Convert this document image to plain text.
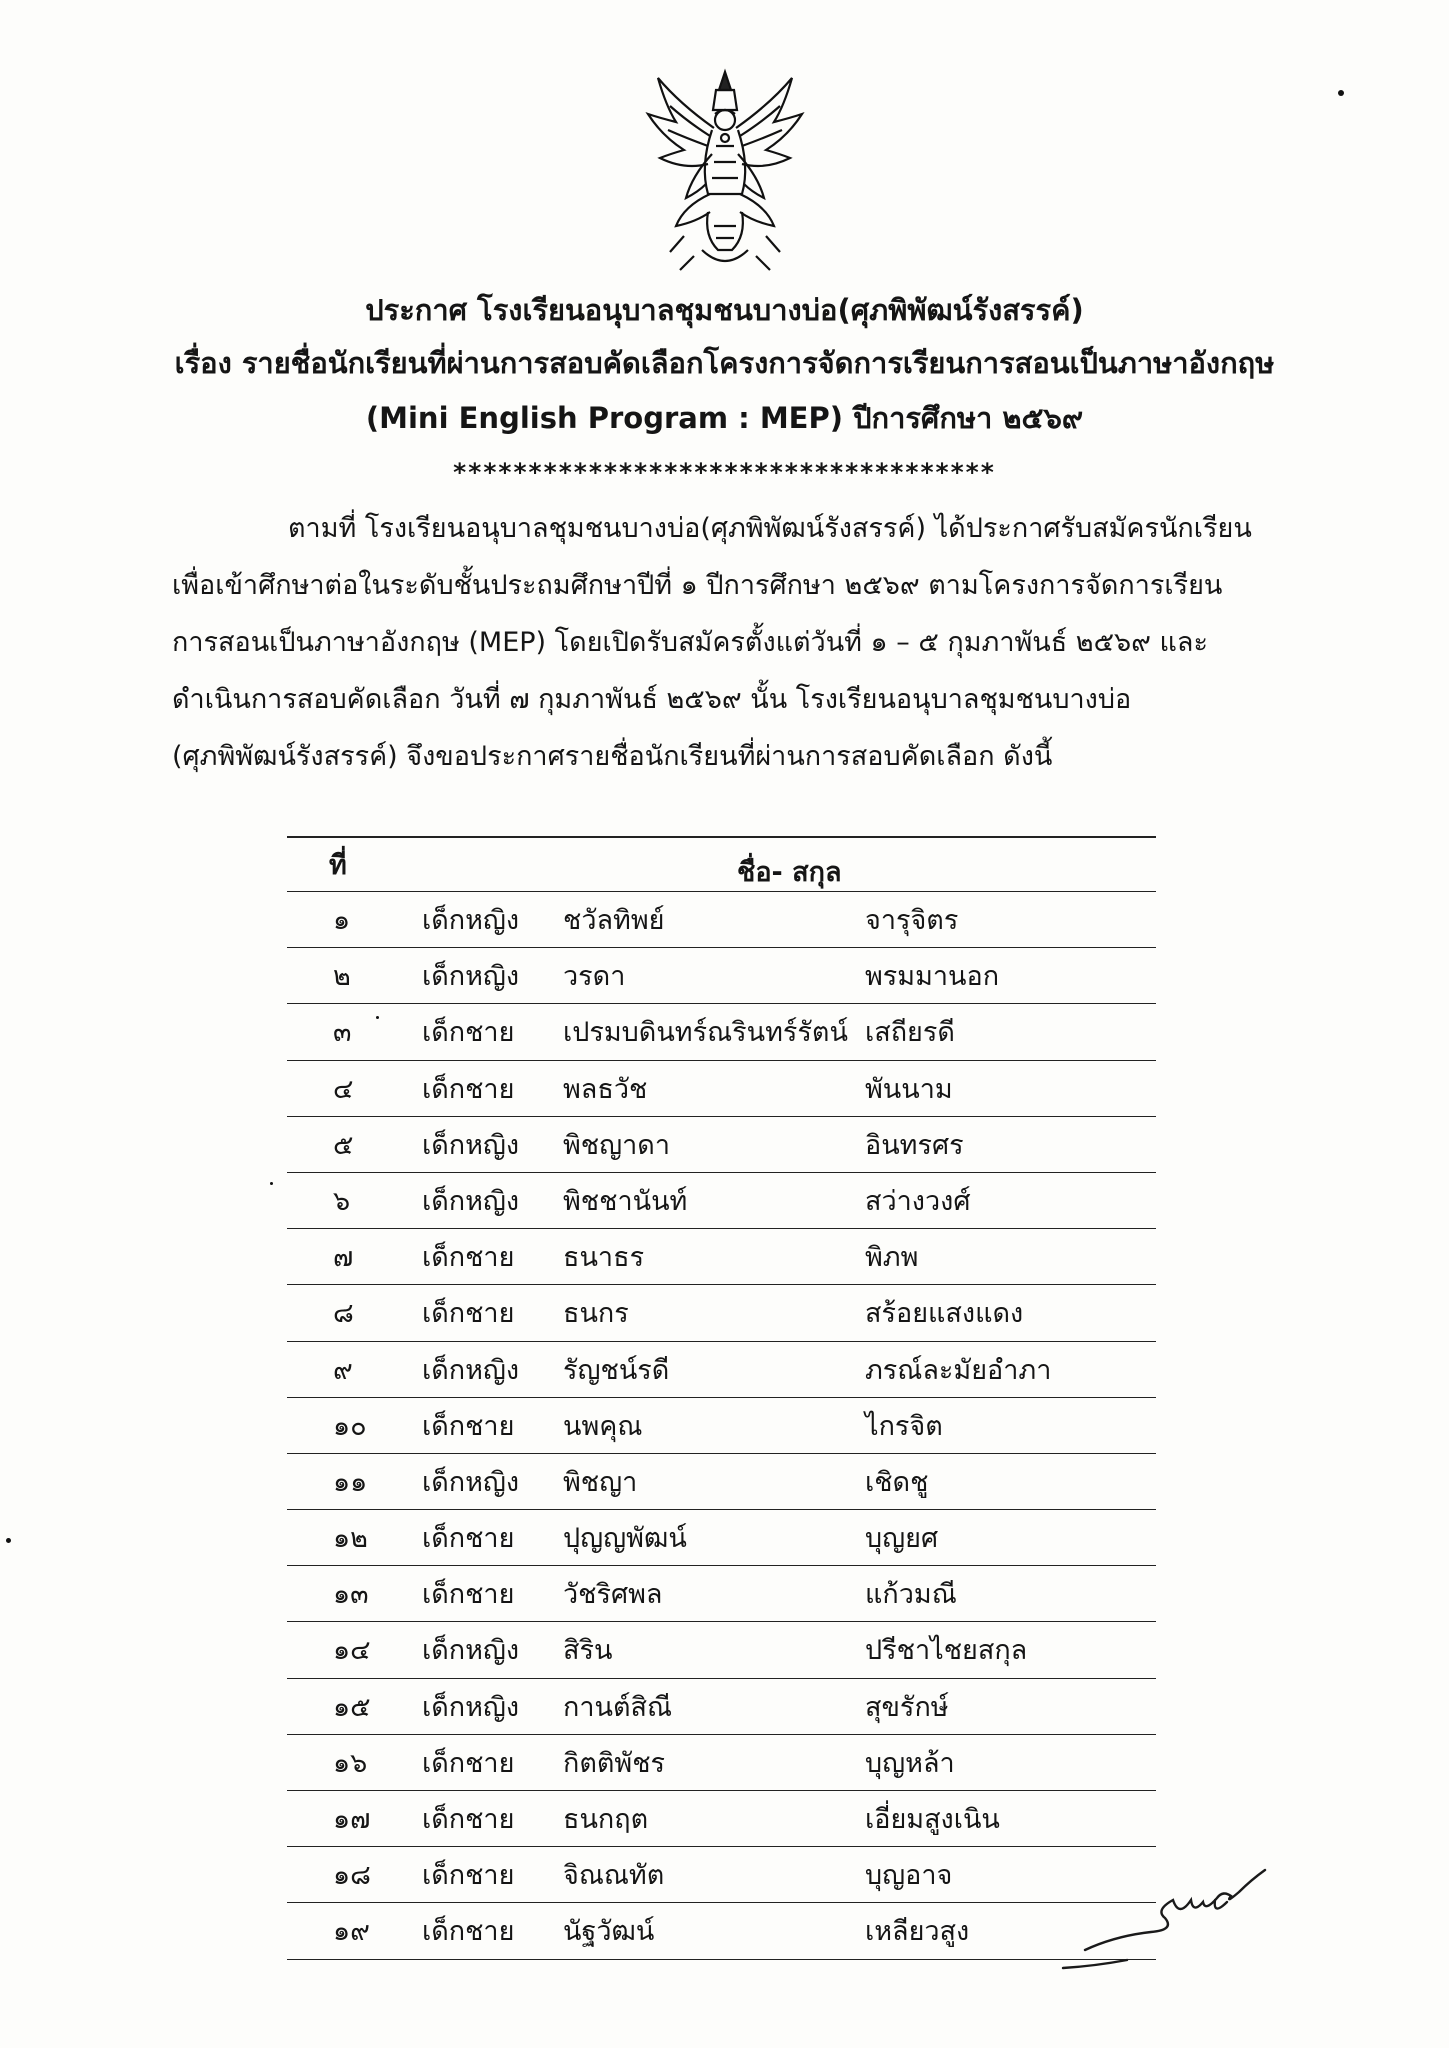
ประกาศ โรงเรียนอนุบาลชุมชนบางบ่อ(ศุภพิพัฒน์รังสรรค์)
เรื่อง รายชื่อนักเรียนที่ผ่านการสอบคัดเลือกโครงการจัดการเรียนการสอนเป็นภาษาอังกฤษ
(Mini English Program : MEP) ปีการศึกษา ๒๕๖๙
************************************
ตามที่ โรงเรียนอนุบาลชุมชนบางบ่อ(ศุภพิพัฒน์รังสรรค์) ได้ประกาศรับสมัครนักเรียน
เพื่อเข้าศึกษาต่อในระดับชั้นประถมศึกษาปีที่ ๑ ปีการศึกษา ๒๕๖๙ ตามโครงการจัดการเรียน
การสอนเป็นภาษาอังกฤษ (MEP) โดยเปิดรับสมัครตั้งแต่วันที่ ๑ – ๕ กุมภาพันธ์ ๒๕๖๙ และ
ดำเนินการสอบคัดเลือก วันที่ ๗ กุมภาพันธ์ ๒๕๖๙ นั้น โรงเรียนอนุบาลชุมชนบางบ่อ
(ศุภพิพัฒน์รังสรรค์) จึงขอประกาศรายชื่อนักเรียนที่ผ่านการสอบคัดเลือก ดังนี้
ที่	ชื่อ- สกุล
๑	เด็กหญิง ชวัลทิพย์	จารุจิตร
๒	เด็กหญิง วรดา	พรมมานอก
๓	เด็กชาย เปรมบดินทร์ณรินทร์รัตน์ เสถียรดี
๔	เด็กชาย พลธวัช	พันนาม
๕	เด็กหญิง พิชญาดา	อินทรศร
๖	เด็กหญิง พิชชานันท์	สว่างวงศ์
๗	เด็กชาย ธนาธร	พิภพ
๘	เด็กชาย ธนกร	สร้อยแสงแดง
๙	เด็กหญิง รัญชน์รดี	ภรณ์ละมัยอำภา
๑๐ เด็กชาย นพคุณ	ไกรจิต
๑๑ เด็กหญิง พิชญา	เชิดชู
๑๒ เด็กชาย ปุญญพัฒน์	บุญยศ
๑๓ เด็กชาย วัชริศพล	แก้วมณี
๑๔ เด็กหญิง สิริน	ปรีชาไชยสกุล
๑๕ เด็กหญิง กานต์สิณี	สุขรักษ์
๑๖ เด็กชาย กิตติพัชร	บุญหล้า
๑๗ เด็กชาย ธนกฤต	เอี่ยมสูงเนิน
๑๘ เด็กชาย จิณณทัต	บุญอาจ
๑๙ เด็กชาย นัฐวัฒน์	เหลียวสูง
